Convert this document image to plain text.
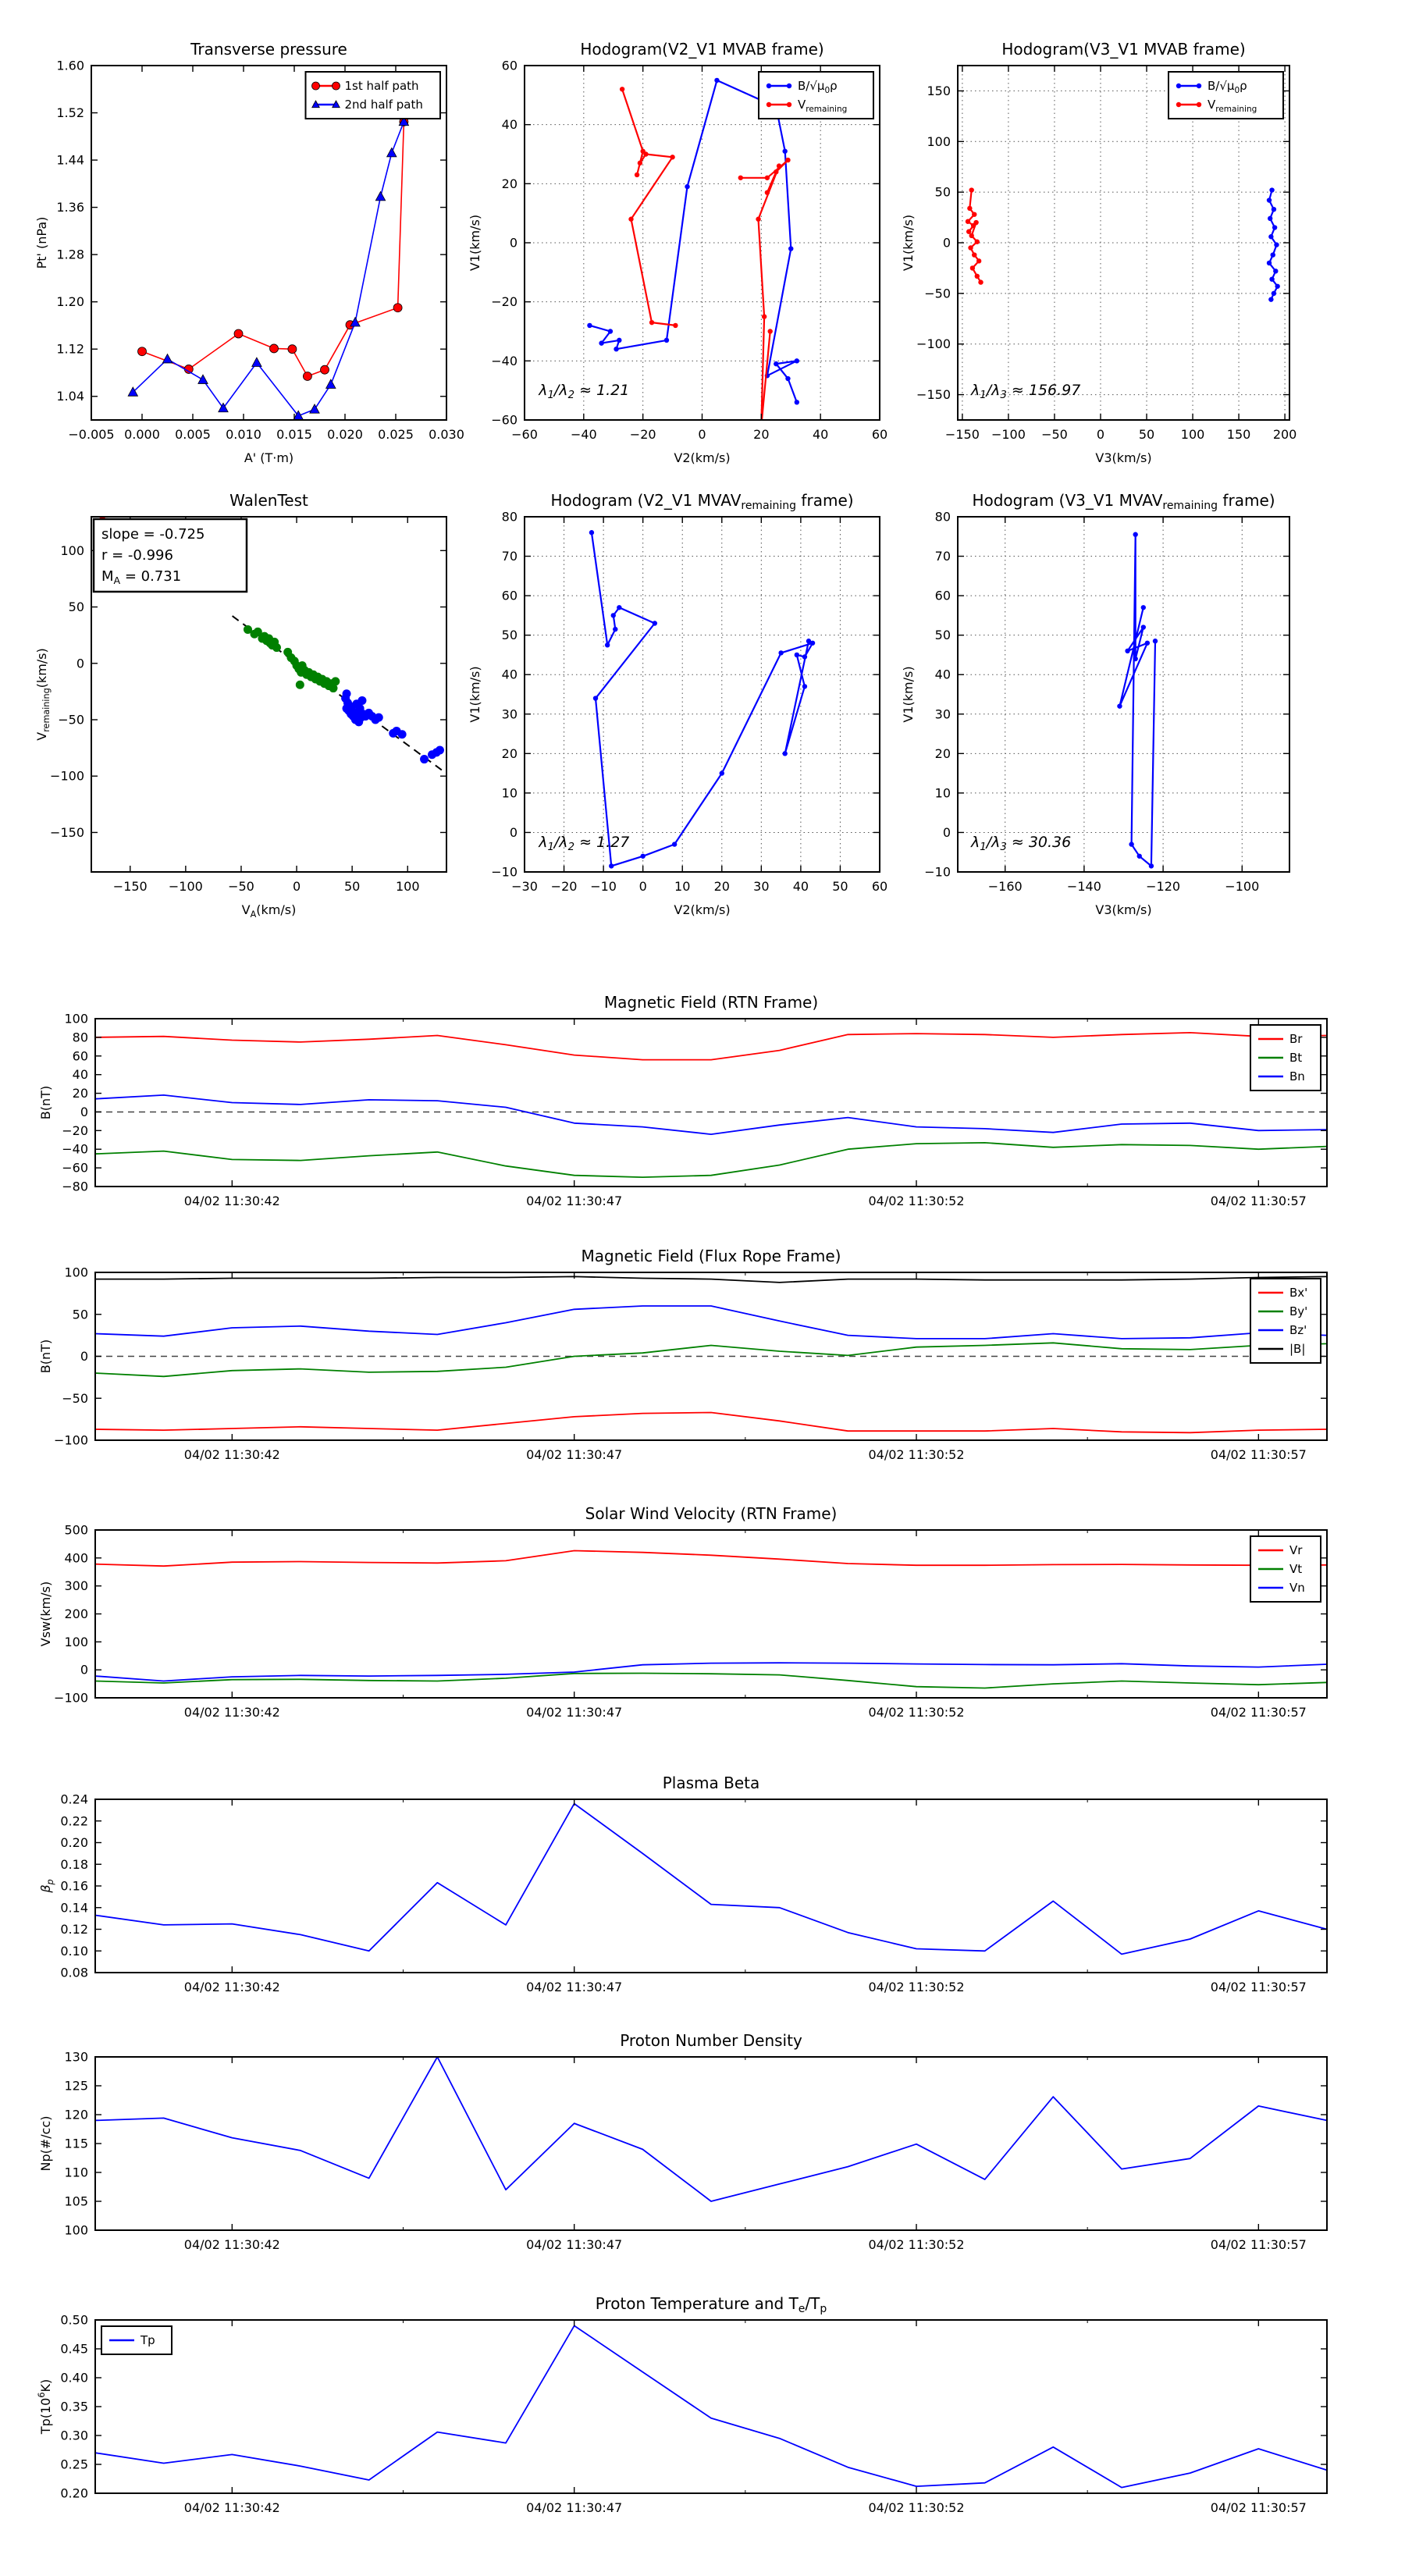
−0.005 0.000 0.005 0.010 0.015 0.020 0.025 0.030
1.04
1.12
1.20
1.28
1.36
1.44
1.52
1.60
Transverse pressure
A' (T·m)
Pt' (nPa)
1st half path
2nd half path
−60	−40	−20	0	20	40	60
−60
−40
−20
0
20
40
60
Hodogram(V2_V1 MVAB frame)
V2(km/s)
V1(km/s)
$B/√\mu_0\rho$
$V_{remaining}$
$\lambda_1/\lambda_2 \approx 1.21$
−150 −100 −50 0	50 100 150 200
−150
−100
−50
0
50
100
150
Hodogram(V3_V1 MVAB frame)
V3(km/s)
V1(km/s)
$B/√\mu_0\rho$
$V_{remaining}$
$\lambda_1/\lambda_3 \approx 156.97$
−150 −100 −50	0	50	100
−150
−100
−50
0
50
100
WalenTest
$V_A(km/s)$
$V_{remaining}(km/s)$
slope = -0.725
r = -0.996
$M_A = 0.731$
−30 −20 −10 0 10 20 30 40 50 60
−10
0
10
20
30
40
50
60
70
80
Hodogram (V2_V1 $MVAV_{remaining}$ frame)
V2(km/s)
V1(km/s)
$\lambda_1/\lambda_2 \approx 1.27$
−160	−140	−120	−100
−10
0
10
20
30
40
50
60
70
80
Hodogram (V3_V1 $MVAV_{remaining}$ frame)
V3(km/s)
V1(km/s)
$\lambda_1/\lambda_3 \approx 30.36$
04/02 11:30:42	04/02 11:30:47	04/02 11:30:52	04/02 11:30:57
−80
−60
−40
−20
0
20
40
60
80
100
Magnetic Field (RTN Frame)
B(nT)
Br
Bt
Bn
04/02 11:30:42	04/02 11:30:47	04/02 11:30:52	04/02 11:30:57
−100
−50
0
50
100
Magnetic Field (Flux Rope Frame)
B(nT)
Bx'
By'
Bz'
|B|
04/02 11:30:42	04/02 11:30:47	04/02 11:30:52	04/02 11:30:57
−100
0
100
200
300
400
500
Solar Wind Velocity (RTN Frame)
Vsw(km/s)
Vr
Vt
Vn
04/02 11:30:42	04/02 11:30:47	04/02 11:30:52	04/02 11:30:57
0.08
0.10
0.12
0.14
0.16
0.18
0.20
0.22
0.24
Plasma Beta
$\beta_p$
04/02 11:30:42	04/02 11:30:47	04/02 11:30:52	04/02 11:30:57
100
105
110
115
120
125
130
Proton Number Density
Np(#/cc)
04/02 11:30:42	04/02 11:30:47	04/02 11:30:52	04/02 11:30:57
0.20
0.25
0.30
0.35
0.40
0.45
0.50
Proton Temperature and $T_e/T_p$
$Tp(10^6K)$
Tp
